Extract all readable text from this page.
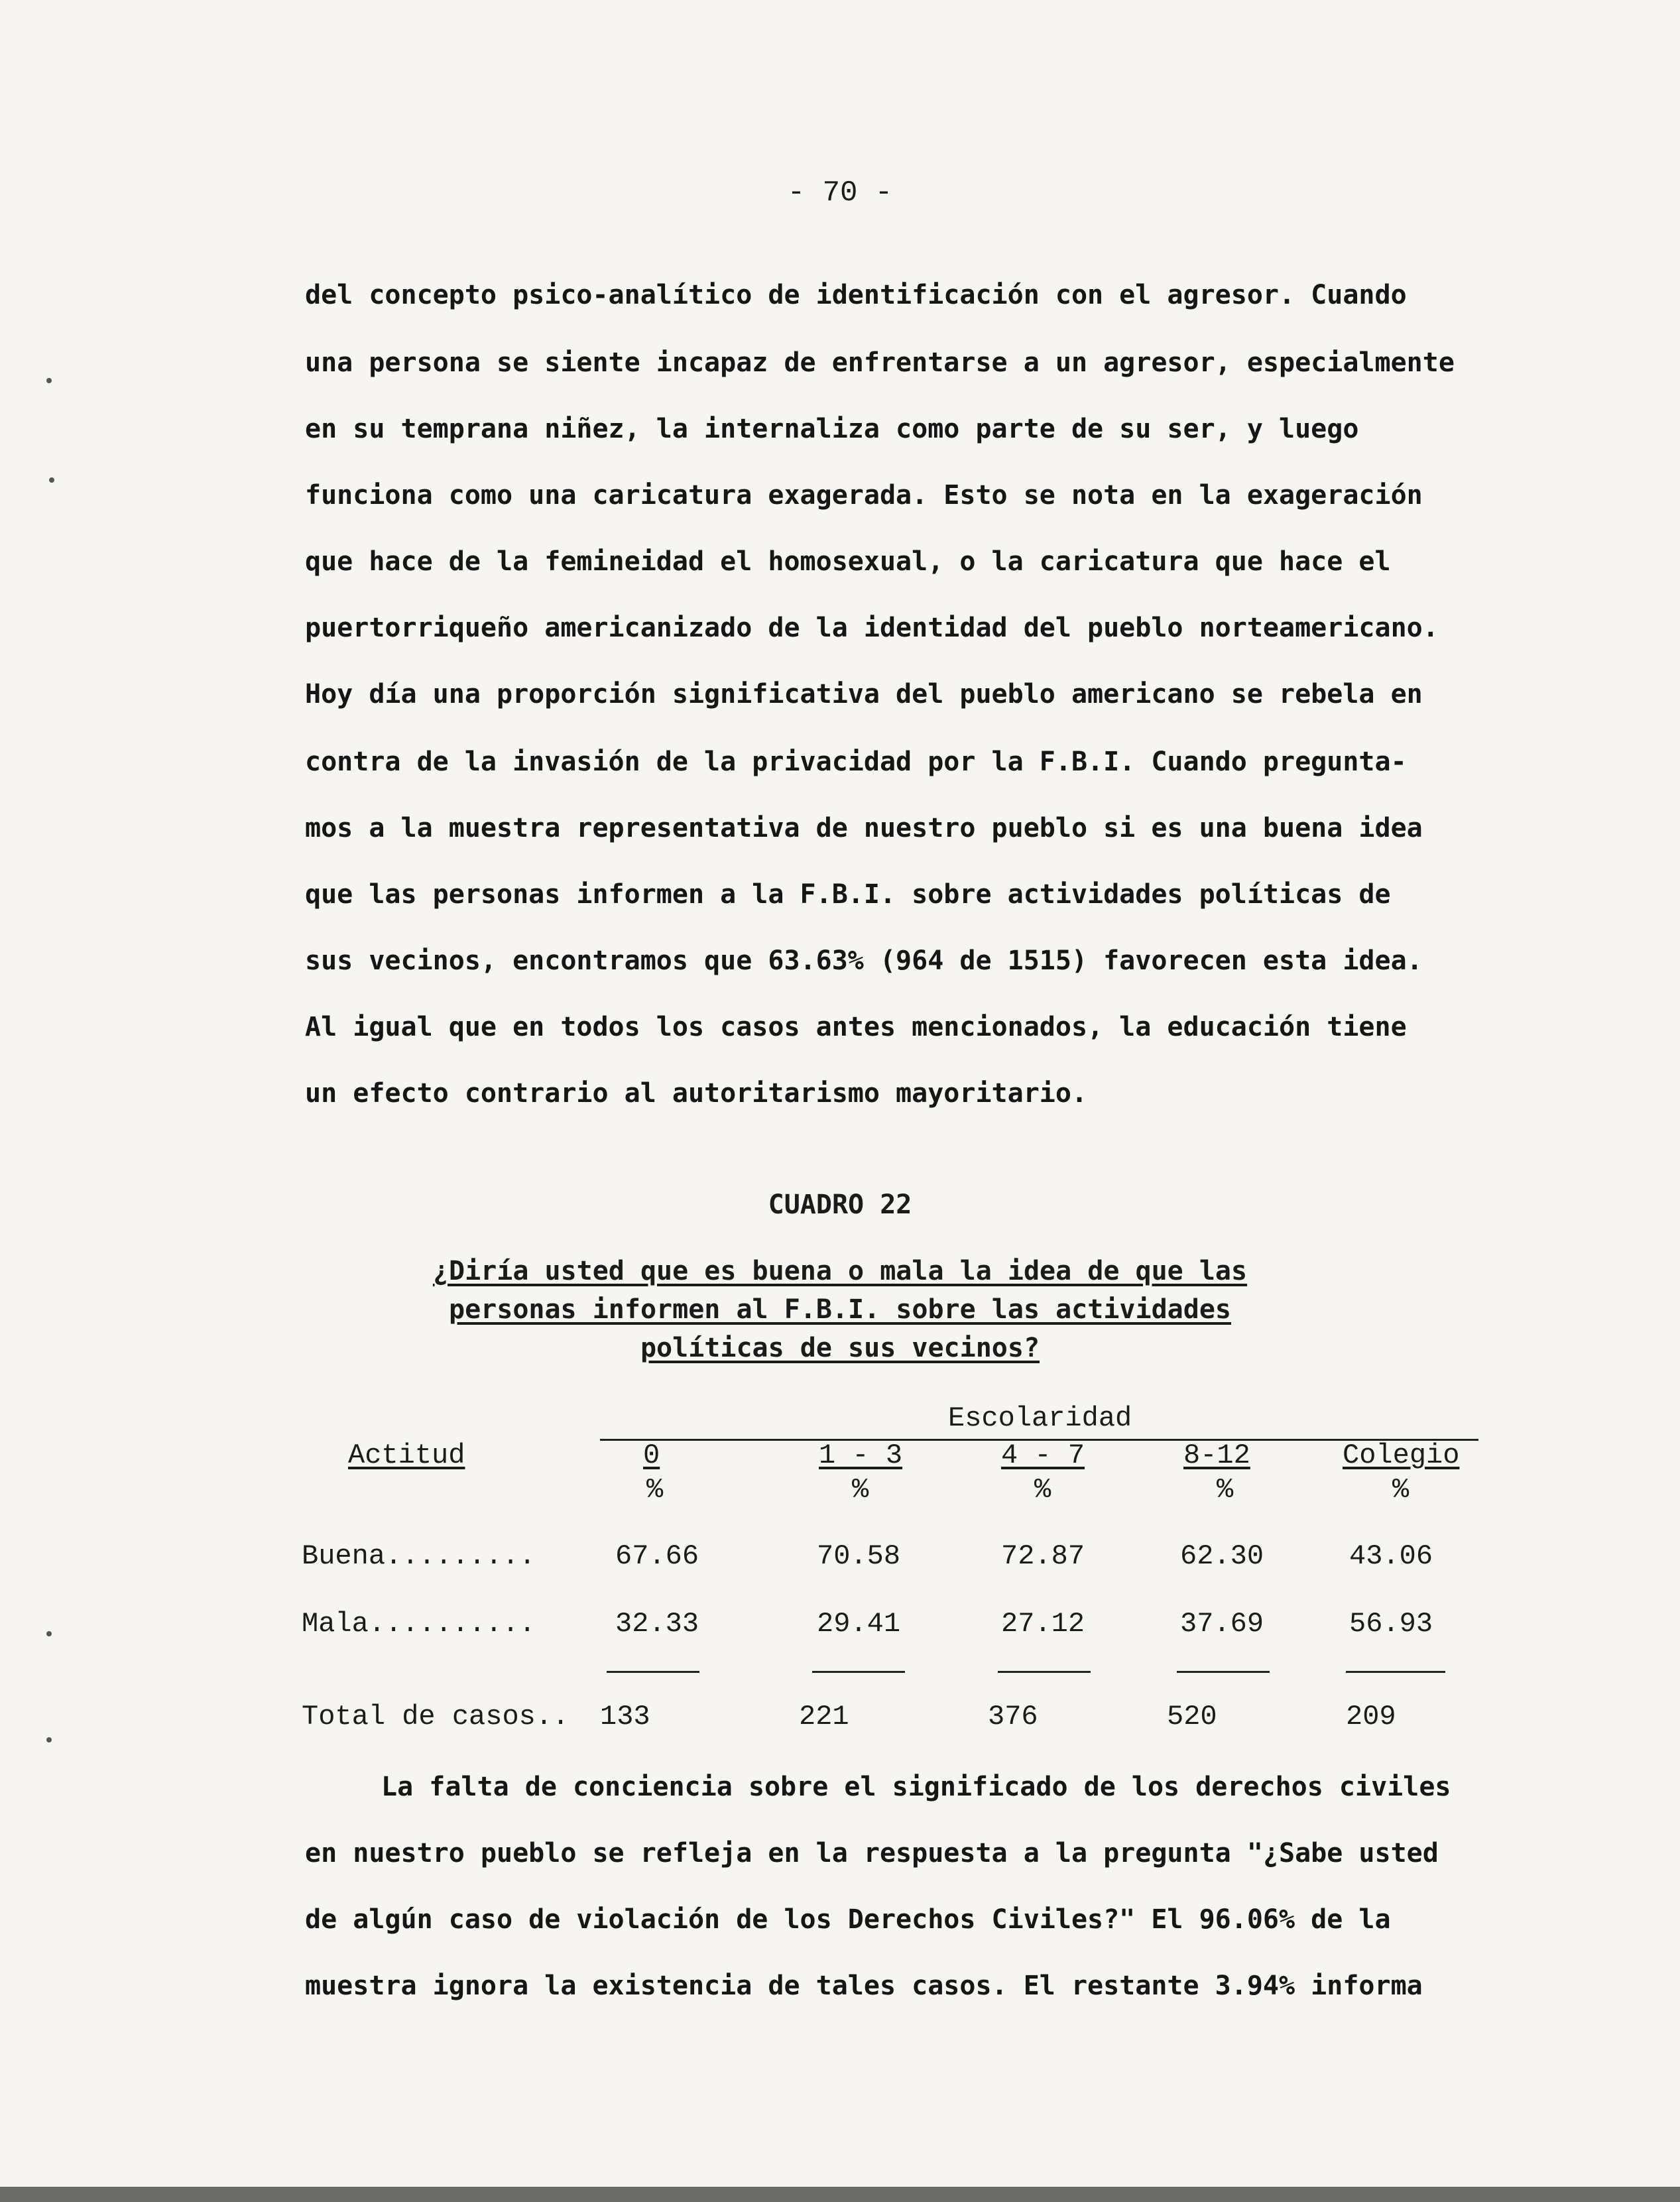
- 70 -

del concepto psico-analítico de identificación con el agresor. Cuando

una persona se siente incapaz de enfrentarse a un agresor, especialmente

en su temprana niñez, la internaliza como parte de su ser, y luego

funciona como una caricatura exagerada. Esto se nota en la exageración

que hace de la femineidad el homosexual, o la caricatura que hace el

puertorriqueño americanizado de la identidad del pueblo norteamericano.

Hoy día una proporción significativa del pueblo americano se rebela en

contra de la invasión de la privacidad por la F.B.I. Cuando pregunta-

mos a la muestra representativa de nuestro pueblo si es una buena idea

que las personas informen a la F.B.I. sobre actividades políticas de

sus vecinos, encontramos que 63.63% (964 de 1515) favorecen esta idea.

Al igual que en todos los casos antes mencionados, la educación tiene

un efecto contrario al autoritarismo mayoritario.

CUADRO 22
¿Diría usted que es buena o mala la idea de que las
personas informen al F.B.I. sobre las actividades
políticas de sus vecinos?
Escolaridad
Actitud	0	1 - 3	4 - 7	8-12	Colegio
%	%	%	%	%
Buena.........	67.66	70.58	72.87	62.30	43.06
Mala..........	32.33	29.41	27.12	37.69	56.93
Total de casos.. 133	221	376	520	209

La falta de conciencia sobre el significado de los derechos civiles

en nuestro pueblo se refleja en la respuesta a la pregunta "¿Sabe usted

de algún caso de violación de los Derechos Civiles?" El 96.06% de la

muestra ignora la existencia de tales casos. El restante 3.94% informa
